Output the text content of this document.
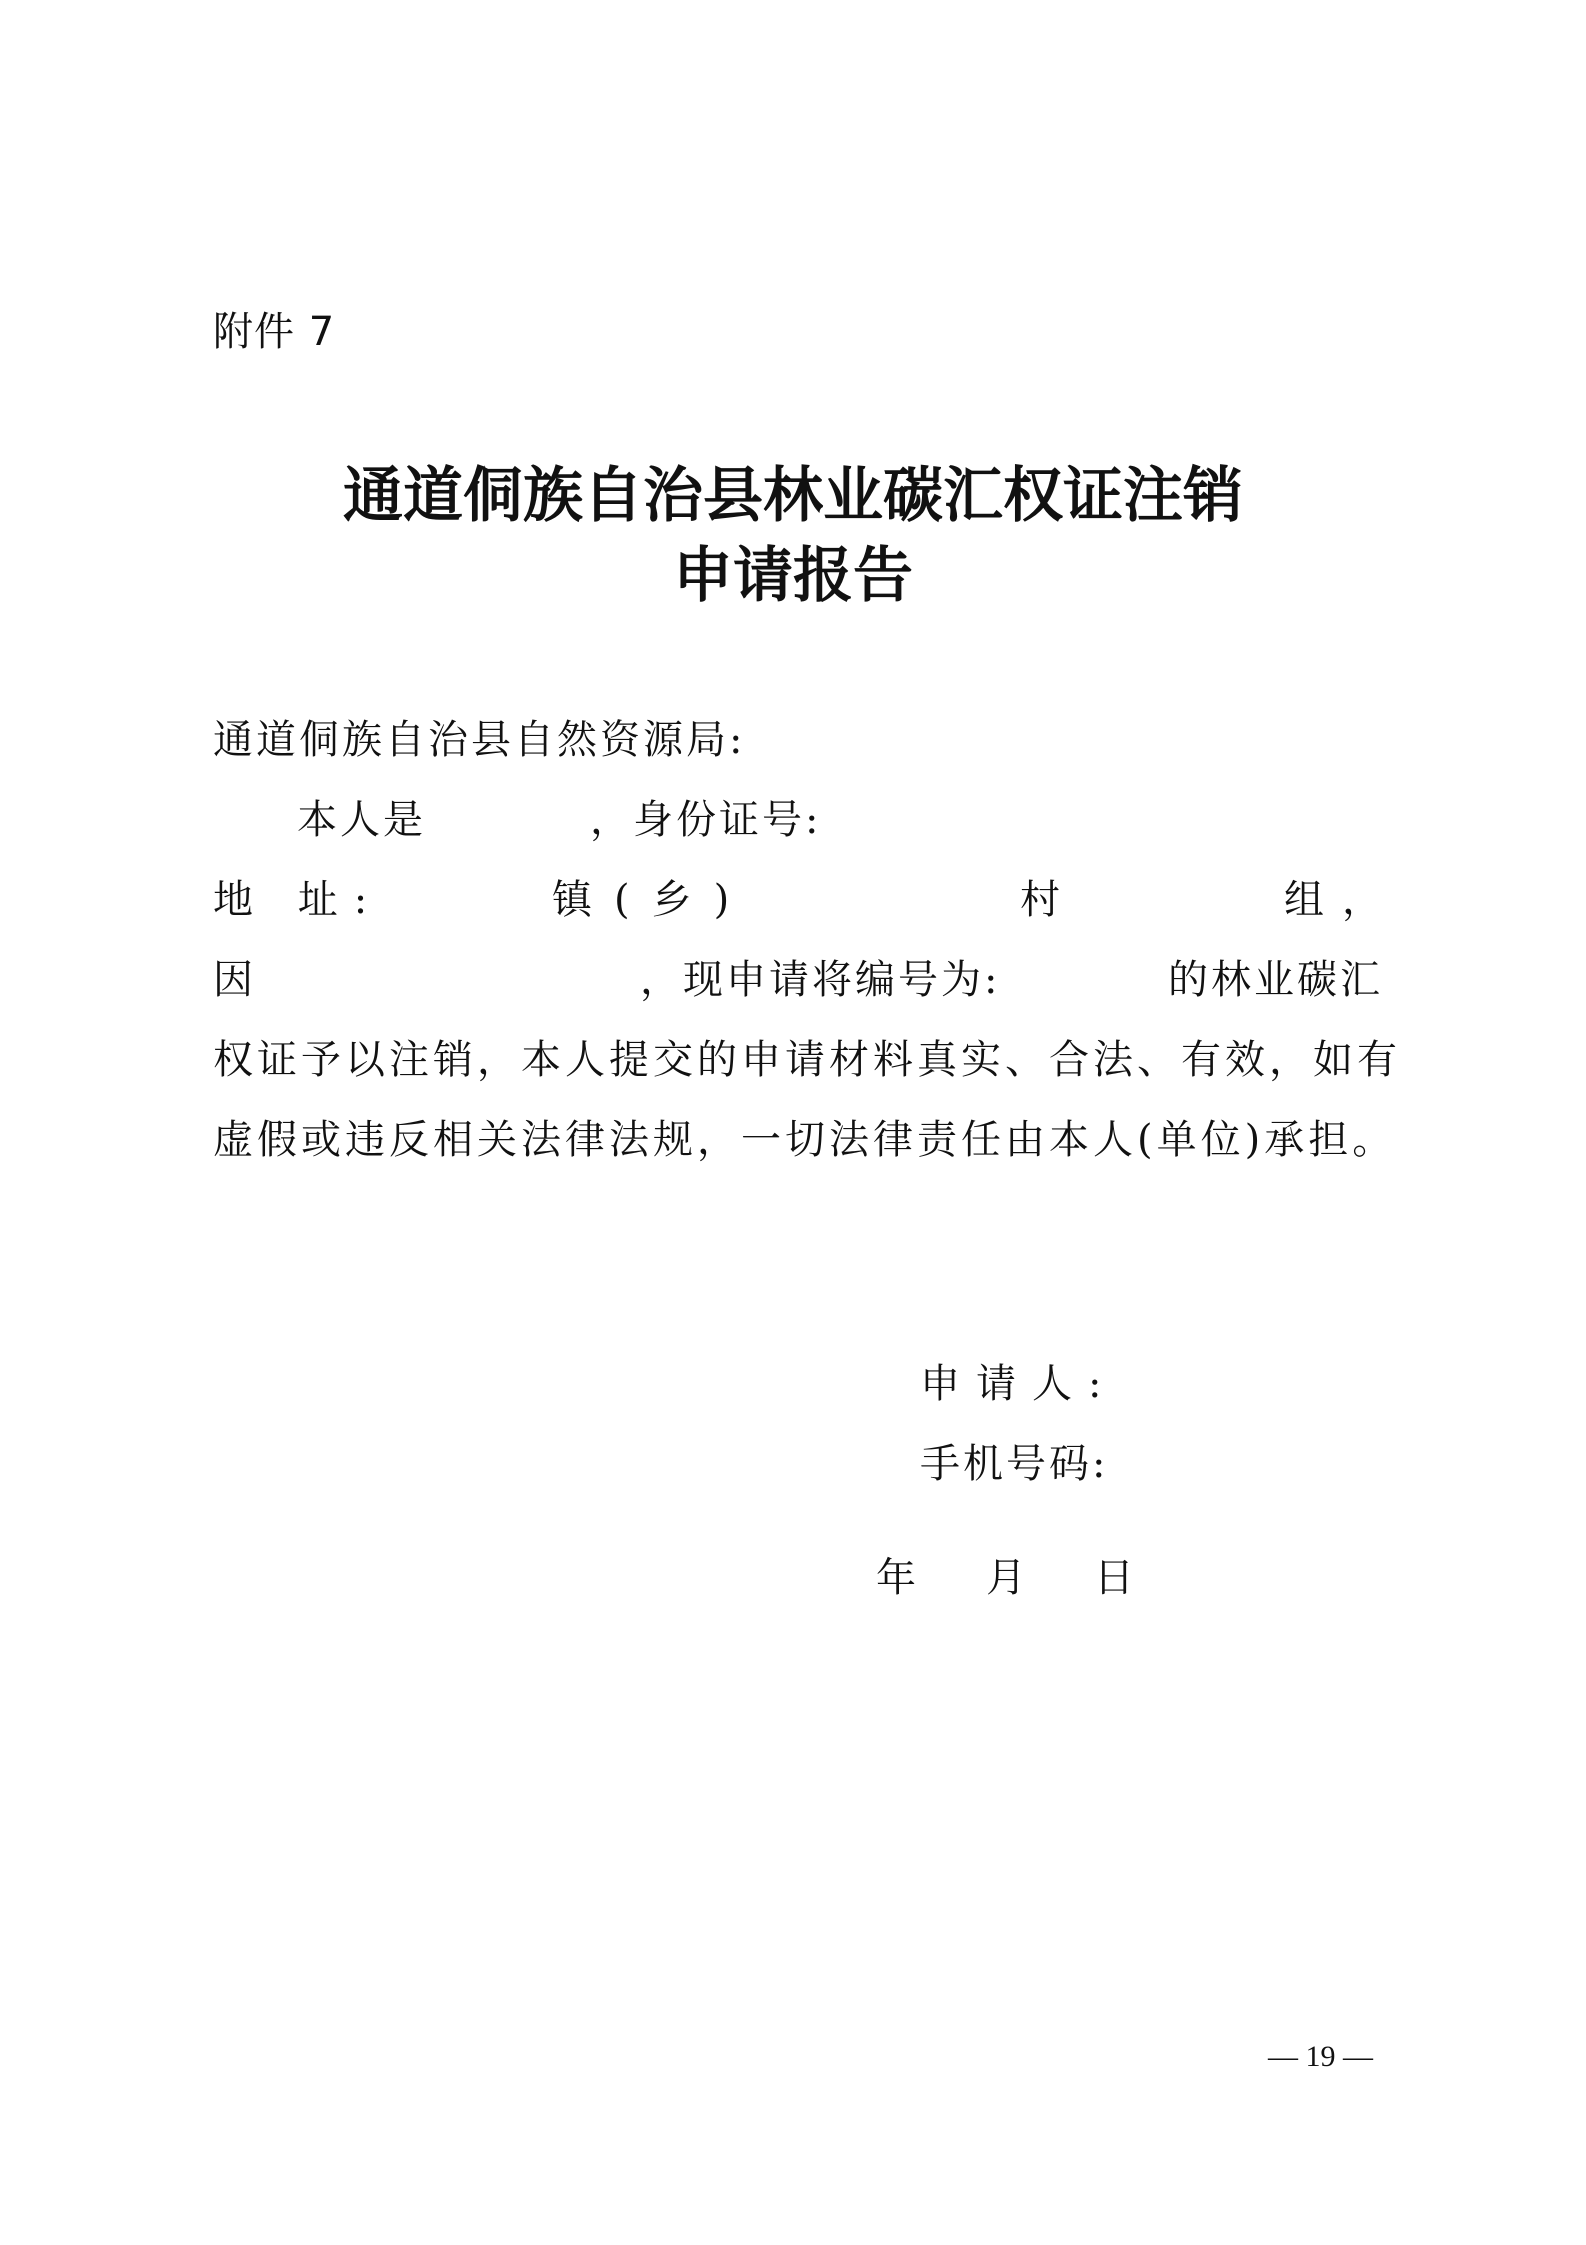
附件 7
通道侗族自治县林业碳汇权证注销
申请报告
通道侗族自治县自然资源局:
本人是	，身份证号:
地 址:	镇(乡)	村	组，
因	，现申请将编号为:	的林业碳汇
权证予以注销，本人提交的申请材料真实、合法、有效，如有
虚假或违反相关法律法规，一切法律责任由本人(单位)承担。
申请人:
手机号码:
年 月 日
— 19 —
